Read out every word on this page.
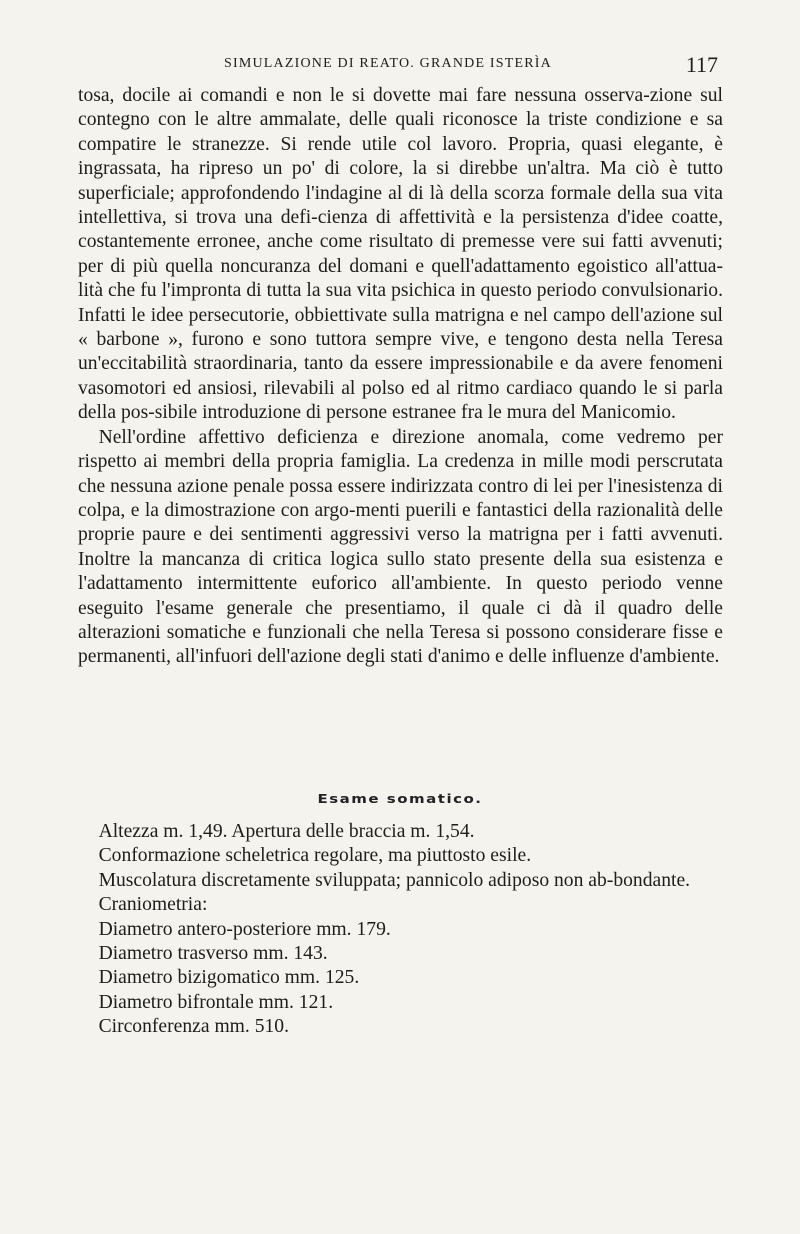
SIMULAZIONE DI REATO. GRANDE ISTERÌA	117

tosa, docile ai comandi e non le si dovette mai fare nessuna osserva-zione sul contegno con le altre ammalate, delle quali riconosce la triste condizione e sa compatire le stranezze. Si rende utile col lavoro. Propria, quasi elegante, è ingrassata, ha ripreso un po' di colore, la si direbbe un'altra. Ma ciò è tutto superficiale; approfondendo l'indagine al di là della scorza formale della sua vita intellettiva, si trova una defi-cienza di affettività e la persistenza d'idee coatte, costantemente erronee, anche come risultato di premesse vere sui fatti avvenuti; per di più quella noncuranza del domani e quell'adattamento egoistico all'attua-lità che fu l'impronta di tutta la sua vita psichica in questo periodo convulsionario. Infatti le idee persecutorie, obbiettivate sulla matrigna e nel campo dell'azione sul « barbone », furono e sono tuttora sempre vive, e tengono desta nella Teresa un'eccitabilità straordinaria, tanto da essere impressionabile e da avere fenomeni vasomotori ed ansiosi, rilevabili al polso ed al ritmo cardiaco quando le si parla della pos-sibile introduzione di persone estranee fra le mura del Manicomio.

Nell'ordine affettivo deficienza e direzione anomala, come vedremo per rispetto ai membri della propria famiglia. La credenza in mille modi perscrutata che nessuna azione penale possa essere indirizzata contro di lei per l'inesistenza di colpa, e la dimostrazione con argo-menti puerili e fantastici della razionalità delle proprie paure e dei sentimenti aggressivi verso la matrigna per i fatti avvenuti. Inoltre la mancanza di critica logica sullo stato presente della sua esistenza e l'adattamento intermittente euforico all'ambiente. In questo periodo venne eseguito l'esame generale che presentiamo, il quale ci dà il quadro delle alterazioni somatiche e funzionali che nella Teresa si possono considerare fisse e permanenti, all'infuori dell'azione degli stati d'animo e delle influenze d'ambiente.

Esame somatico.

Altezza m. 1,49. Apertura delle braccia m. 1,54.

Conformazione scheletrica regolare, ma piuttosto esile.

Muscolatura discretamente sviluppata; pannicolo adiposo non ab-bondante.

Craniometria:

Diametro antero-posteriore mm. 179.

Diametro trasverso mm. 143.

Diametro bizigomatico mm. 125.

Diametro bifrontale mm. 121.

Circonferenza mm. 510.
